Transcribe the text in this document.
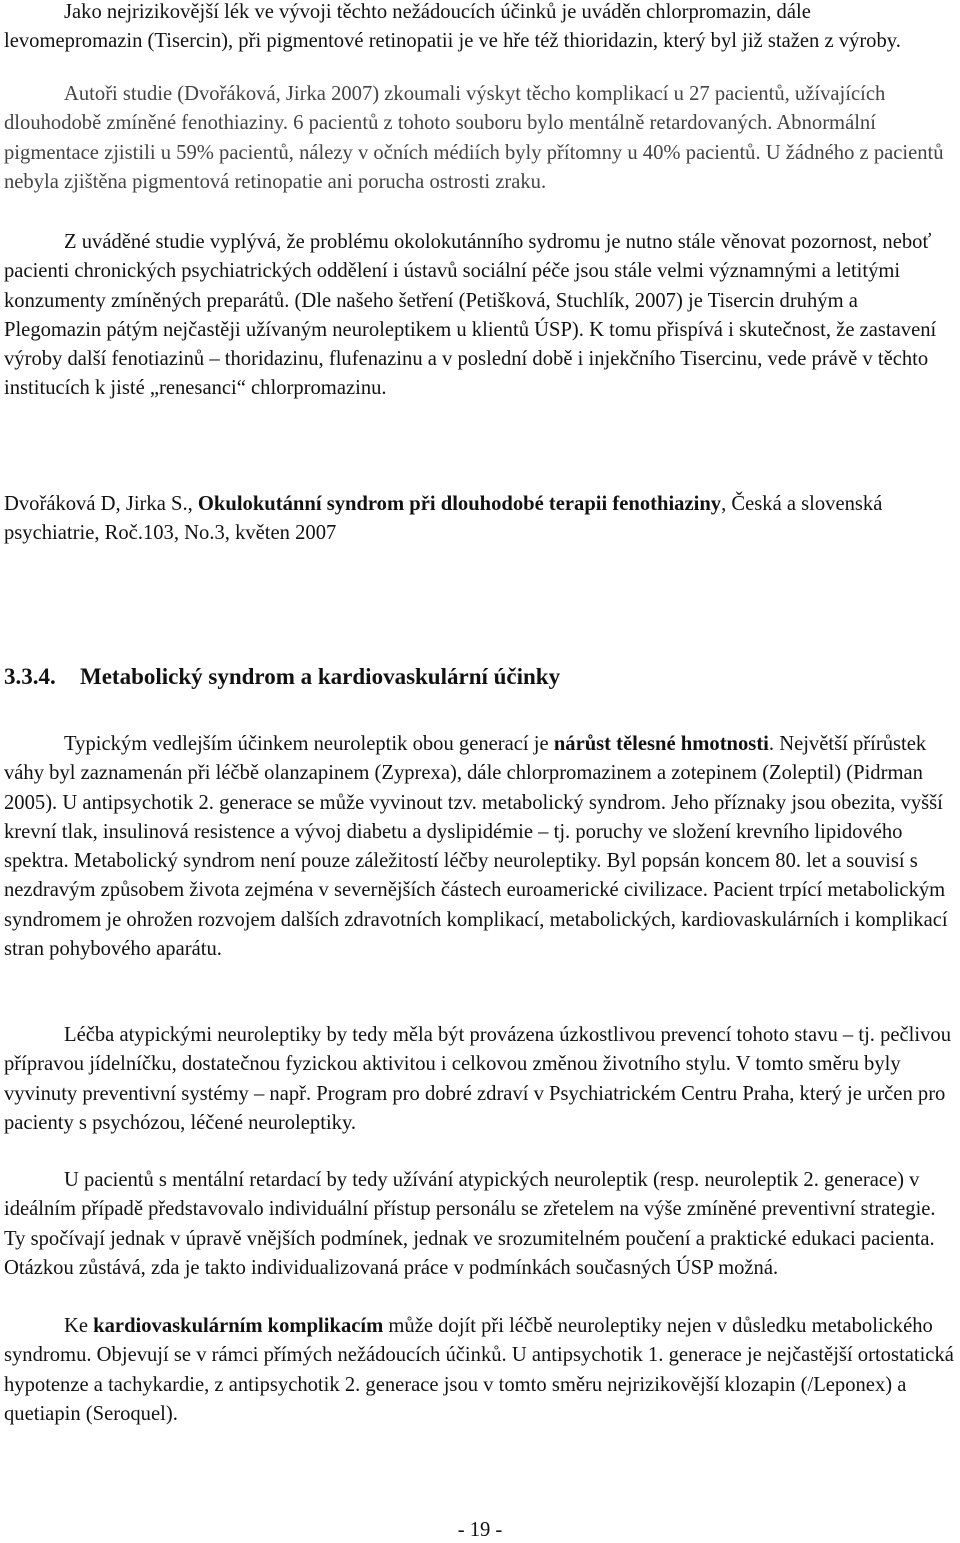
Jako nejrizikovější lék ve vývoji těchto nežádoucích účinků je uváděn chlorpromazin, dále levomepromazin (Tisercin), při pigmentové retinopatii je ve hře též thioridazin, který byl již stažen z výroby.

Autoři studie (Dvořáková, Jirka 2007) zkoumali výskyt těcho komplikací u 27 pacientů, užívajících dlouhodobě zmíněné fenothiaziny. 6 pacientů z tohoto souboru bylo mentálně retardovaných. Abnormální pigmentace zjistili u 59% pacientů, nálezy v očních médiích byly přítomny u 40% pacientů. U žádného z pacientů nebyla zjištěna pigmentová retinopatie ani porucha ostrosti zraku.

Z uváděné studie vyplývá, že problému okolokutánního sydromu je nutno stále věnovat pozornost, neboť pacienti chronických psychiatrických oddělení i ústavů sociální péče jsou stále velmi významnými a letitými konzumenty zmíněných preparátů. (Dle našeho šetření (Petišková, Stuchlík, 2007) je Tisercin druhým a Plegomazin pátým nejčastěji užívaným neuroleptikem u klientů ÚSP). K tomu přispívá i skutečnost, že zastavení výroby další fenotiazinů – thoridazinu, flufenazinu a v poslední době i injekčního Tisercinu, vede právě v těchto institucích k jisté „renesanci“ chlorpromazinu.

Dvořáková D, Jirka S., Okulokutánní syndrom při dlouhodobé terapii fenothiaziny, Česká a slovenská psychiatrie, Roč.103, No.3, květen 2007

3.3.4. Metabolický syndrom a kardiovaskulární účinky

Typickým vedlejším účinkem neuroleptik obou generací je nárůst tělesné hmotnosti. Největší přírůstek váhy byl zaznamenán při léčbě olanzapinem (Zyprexa), dále chlorpromazinem a zotepinem (Zoleptil) (Pidrman 2005). U antipsychotik 2. generace se může vyvinout tzv. metabolický syndrom. Jeho příznaky jsou obezita, vyšší krevní tlak, insulinová resistence a vývoj diabetu a dyslipidémie – tj. poruchy ve složení krevního lipidového spektra. Metabolický syndrom není pouze záležitostí léčby neuroleptiky. Byl popsán koncem 80. let a souvisí s nezdravým způsobem života zejména v severnějších částech euroamerické civilizace. Pacient trpící metabolickým syndromem je ohrožen rozvojem dalších zdravotních komplikací, metabolických, kardiovaskulárních i komplikací stran pohybového aparátu.

Léčba atypickými neuroleptiky by tedy měla být provázena úzkostlivou prevencí tohoto stavu – tj. pečlivou přípravou jídelníčku, dostatečnou fyzickou aktivitou i celkovou změnou životního stylu. V tomto směru byly vyvinuty preventivní systémy – např. Program pro dobré zdraví v Psychiatrickém Centru Praha, který je určen pro pacienty s psychózou, léčené neuroleptiky.

U pacientů s mentální retardací by tedy užívání atypických neuroleptik (resp. neuroleptik 2. generace) v ideálním případě představovalo individuální přístup personálu se zřetelem na výše zmíněné preventivní strategie. Ty spočívají jednak v úpravě vnějších podmínek, jednak ve srozumitelném poučení a praktické edukaci pacienta. Otázkou zůstává, zda je takto individualizovaná práce v podmínkách současných ÚSP možná.

Ke kardiovaskulárním komplikacím může dojít při léčbě neuroleptiky nejen v důsledku metabolického syndromu. Objevují se v rámci přímých nežádoucích účinků. U antipsychotik 1. generace je nejčastější ortostatická hypotenze a tachykardie, z antipsychotik 2. generace jsou v tomto směru nejrizikovější klozapin (/Leponex) a quetiapin (Seroquel).

- 19 -
